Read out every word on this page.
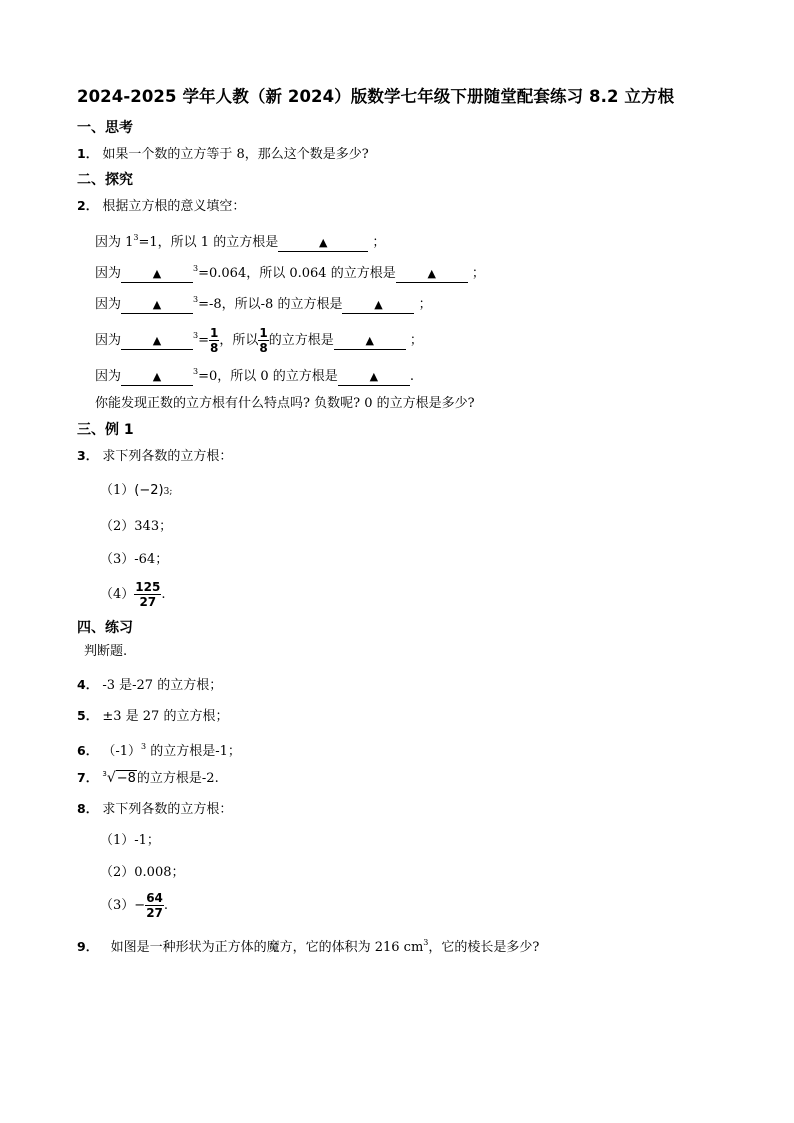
2024-2025 学年人教（新 2024）版数学七年级下册随堂配套练习 8.2 立方根
一、思考
1． 如果一个数的立方等于 8，那么这个数是多少?
二、探究
2． 根据立方根的意义填空：
因为 $1^3=1$，所以 1 的立方根是	▲	；
因为	▲	$^3$=0.064，所以 0.064 的立方根是	▲	；
因为	▲	$^3$=-8，所以-8 的立方根是	▲	；
因为	▲	$^3= \frac{1}{8}$ ，所以 $\frac{1}{8}$ 的立方根是	▲	；
因为	▲	$^3$=0，所以 0 的立方根是	▲ .
你能发现正数的立方根有什么特点吗? 负数呢? 0 的立方根是多少?
三、例 1
3． 求下列各数的立方根：
（1）(−2)3;
（2）343；
（3）-64；
$(4) \frac{125}{27}$ .
四、练习
判断题.
4． -3 是-27 的立方根；
5． ±3 是 27 的立方根；
6． $(-1)^3$ 的立方根是-1；
7． $^3$√−8的立方根是-2.
8． 求下列各数的立方根：
（1）-1；
（2）0.008；
$(3)- \frac{64}{27}$ .
9． 如图是一种形状为正方体的魔方，它的体积为 216 $cm^3$，它的棱长是多少?
